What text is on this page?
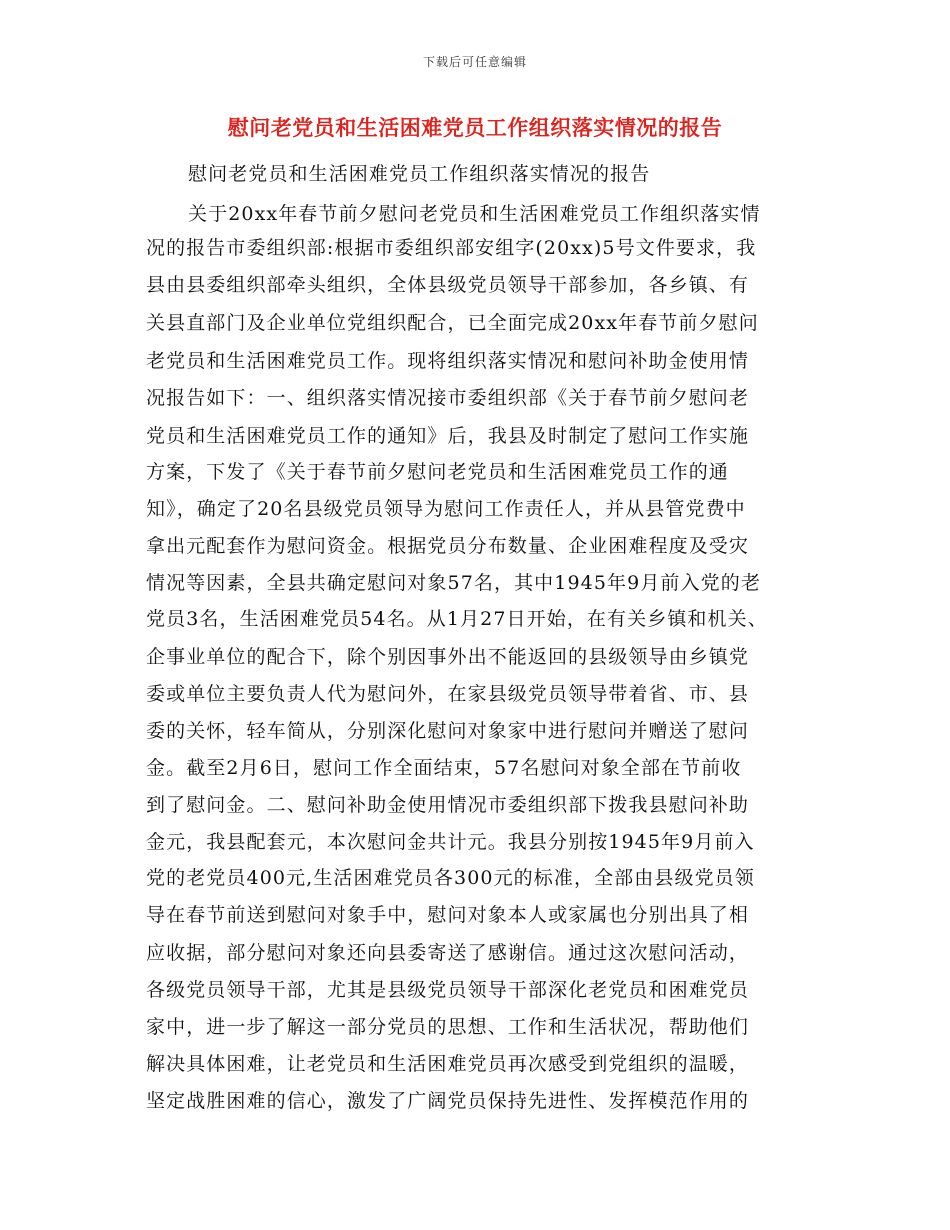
下载后可任意编辑
慰问老党员和生活困难党员工作组织落实情况的报告
慰问老党员和生活困难党员工作组织落实情况的报告
关于20xx年春节前夕慰问老党员和生活困难党员工作组织落实情
况的报告市委组织部:根据市委组织部安组字(20xx)5号文件要求，我
县由县委组织部牵头组织，全体县级党员领导干部参加，各乡镇、有
关县直部门及企业单位党组织配合，已全面完成20xx年春节前夕慰问
老党员和生活困难党员工作。现将组织落实情况和慰问补助金使用情
况报告如下：一、组织落实情况接市委组织部《关于春节前夕慰问老
党员和生活困难党员工作的通知》后，我县及时制定了慰问工作实施
方案，下发了《关于春节前夕慰问老党员和生活困难党员工作的通
知》，确定了20名县级党员领导为慰问工作责任人，并从县管党费中
拿出元配套作为慰问资金。根据党员分布数量、企业困难程度及受灾
情况等因素，全县共确定慰问对象57名，其中1945年9月前入党的老
党员3名，生活困难党员54名。从1月27日开始，在有关乡镇和机关、
企事业单位的配合下，除个别因事外出不能返回的县级领导由乡镇党
委或单位主要负责人代为慰问外，在家县级党员领导带着省、市、县
委的关怀，轻车简从，分别深化慰问对象家中进行慰问并赠送了慰问
金。截至2月6日，慰问工作全面结束，57名慰问对象全部在节前收
到了慰问金。二、慰问补助金使用情况市委组织部下拨我县慰问补助
金元，我县配套元，本次慰问金共计元。我县分别按1945年9月前入
党的老党员400元,生活困难党员各300元的标准，全部由县级党员领
导在春节前送到慰问对象手中，慰问对象本人或家属也分别出具了相
应收据，部分慰问对象还向县委寄送了感谢信。通过这次慰问活动，
各级党员领导干部，尤其是县级党员领导干部深化老党员和困难党员
家中，进一步了解这一部分党员的思想、工作和生活状况，帮助他们
解决具体困难，让老党员和生活困难党员再次感受到党组织的温暖，
坚定战胜困难的信心，激发了广阔党员保持先进性、发挥模范作用的
